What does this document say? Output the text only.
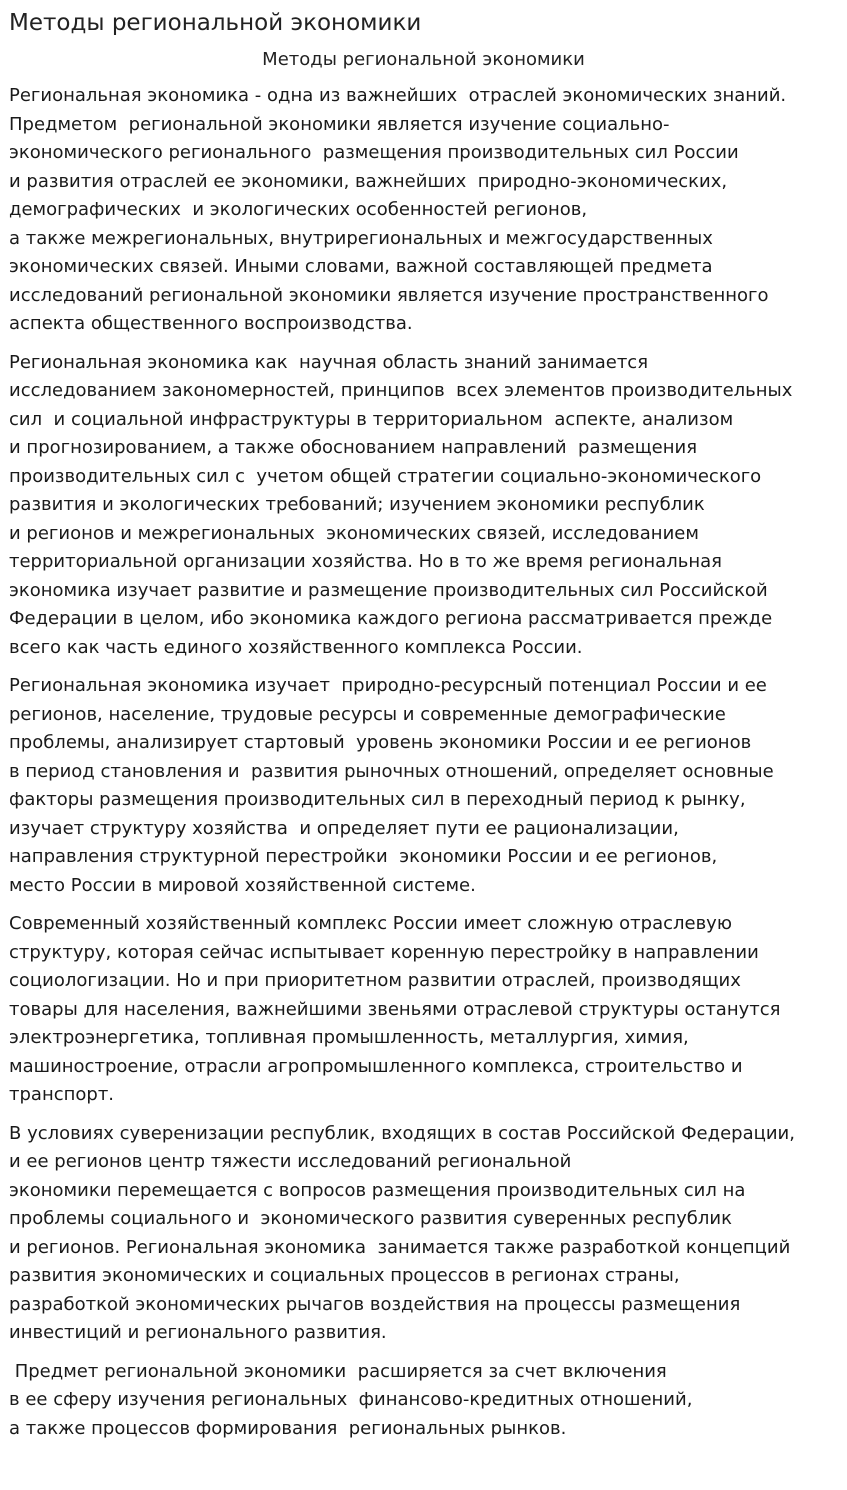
Методы региональной экономики
Методы региональной экономики

Региональная экономика - одна из важнейших  отраслей экономических знаний.
Предметом  региональной экономики является изучение социально-
экономического регионального  размещения производительных сил России
и развития отраслей ее экономики, важнейших  природно-экономических,
демографических  и экологических особенностей регионов,
а также межрегиональных, внутрирегиональных и межгосударственных
экономических связей. Иными словами, важной составляющей предмета
исследований региональной экономики является изучение пространственного
аспекта общественного воспроизводства.

Региональная экономика как  научная область знаний занимается
исследованием закономерностей, принципов  всех элементов производительных
сил  и социальной инфраструктуры в территориальном  аспекте, анализом
и прогнозированием, а также обоснованием направлений  размещения
производительных сил с  учетом общей стратегии социально-экономического
развития и экологических требований; изучением экономики республик
и регионов и межрегиональных  экономических связей, исследованием
территориальной организации хозяйства. Но в то же время региональная
экономика изучает развитие и размещение производительных сил Российской
Федерации в целом, ибо экономика каждого региона рассматривается прежде
всего как часть единого хозяйственного комплекса России.

Региональная экономика изучает  природно-ресурсный потенциал России и ее
регионов, население, трудовые ресурсы и современные демографические
проблемы, анализирует стартовый  уровень экономики России и ее регионов
в период становления и  развития рыночных отношений, определяет основные
факторы размещения производительных сил в переходный период к рынку,
изучает структуру хозяйства  и определяет пути ее рационализации,
направления структурной перестройки  экономики России и ее регионов,
место России в мировой хозяйственной системе.

Современный хозяйственный комплекс России имеет сложную отраслевую
структуру, которая сейчас испытывает коренную перестройку в направлении
социологизации. Но и при приоритетном развитии отраслей, производящих
товары для населения, важнейшими звеньями отраслевой структуры останутся
электроэнергетика, топливная промышленность, металлургия, химия,
машиностроение, отрасли агропромышленного комплекса, строительство и
транспорт.

В условиях суверенизации республик, входящих в состав Российской Федерации,
и ее регионов центр тяжести исследований региональной
экономики перемещается с вопросов размещения производительных сил на
проблемы социального и  экономического развития суверенных республик
и регионов. Региональная экономика  занимается также разработкой концепций
развития экономических и социальных процессов в регионах страны,
разработкой экономических рычагов воздействия на процессы размещения
инвестиций и регионального развития.

Предмет региональной экономики  расширяется за счет включения
в ее сферу изучения региональных  финансово-кредитных отношений,
а также процессов формирования  региональных рынков.
